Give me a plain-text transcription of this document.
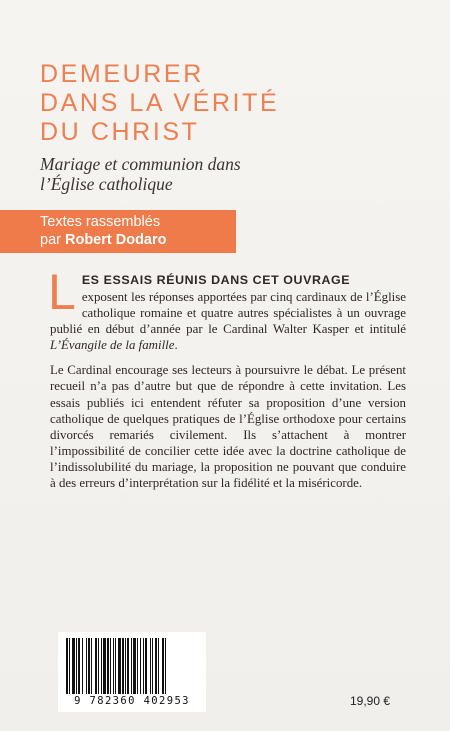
DEMEURER
DANS LA VÉRITÉ
DU CHRIST
Mariage et communion dans
l’Église catholique
Textes rassemblés
par Robert Dodaro
L ES ESSAIS RÉUNIS DANS CET OUVRAGE
exposent les réponses apportées par cinq cardinaux de l’Église catholique romaine et quatre autres spécialistes à un ouvrage publié en début d’année par le Cardinal Walter Kasper et intitulé L’Évangile de la famille.
Le Cardinal encourage ses lecteurs à poursuivre le débat. Le présent recueil n’a pas d’autre but que de répondre à cette invitation. Les essais publiés ici entendent réfuter sa proposition d’une version catholique de quelques pratiques de l’Église orthodoxe pour certains divorcés remariés civilement. Ils s’attachent à montrer l’impossibilité de concilier cette idée avec la doctrine catholique de l’indissolubilité du mariage, la proposition ne pouvant que conduire à des erreurs d’interprétation sur la fidélité et la miséricorde.
9 782360 402953	19,90 €
